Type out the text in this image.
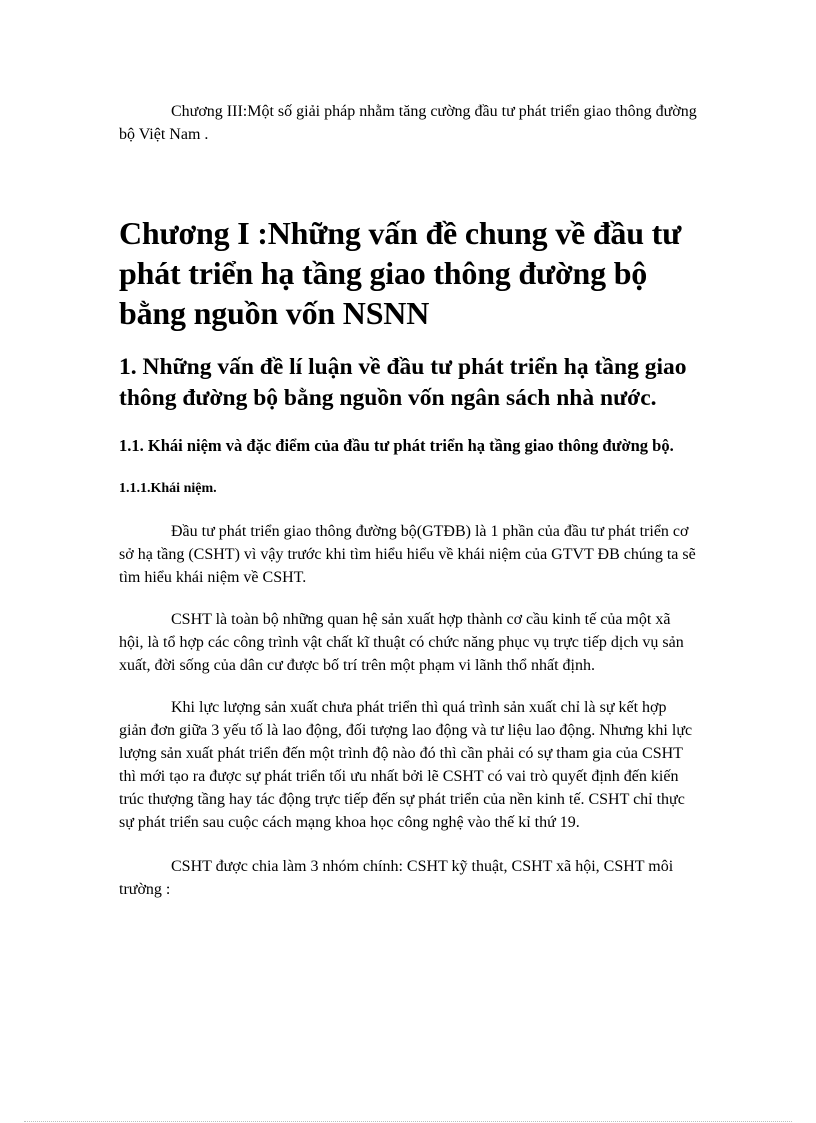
Chương III:Một số giải pháp nhằm tăng cường đầu tư phát triển giao thông đường bộ Việt Nam .

Chương I :Những vấn đề chung về đầu tư phát triển hạ tầng giao thông đường bộ bằng nguồn vốn NSNN
1. Những vấn đề lí luận về đầu tư phát triển hạ tầng giao thông đường bộ bằng nguồn vốn ngân sách nhà nước.
1.1. Khái niệm và đặc điểm của đầu tư phát triển hạ tầng giao thông đường bộ.
1.1.1.Khái niệm.

Đầu tư phát triển giao thông đường bộ(GTĐB) là 1 phần của đầu tư phát triển cơ sở hạ tầng (CSHT) vì vậy trước khi tìm hiểu hiểu về khái niệm của GTVT ĐB chúng ta sẽ tìm hiểu khái niệm về CSHT.

CSHT là toàn bộ những quan hệ sản xuất hợp thành cơ cầu kinh tế của một xã hội, là tổ hợp các công trình vật chất kĩ thuật có chức năng phục vụ trực tiếp dịch vụ sản xuất, đời sống của dân cư được bố trí trên một phạm vi lãnh thổ nhất định.

Khi lực lượng sản xuất chưa phát triển thì quá trình sản xuất chỉ là sự kết hợp giản đơn giữa 3 yếu tố là lao động, đối tượng lao động và tư liệu lao động. Nhưng khi lực lượng sản xuất phát triển đến một trình độ nào đó thì cần phải có sự tham gia của CSHT thì mới tạo ra được sự phát triển tối ưu nhất bởi lẽ CSHT có vai trò quyết định đến kiến trúc thượng tầng hay tác động trực tiếp đến sự phát triển của nền kinh tế. CSHT chỉ thực sự phát triển sau cuộc cách mạng khoa học công nghệ vào thế kỉ thứ 19.

CSHT được chia làm 3 nhóm chính: CSHT kỹ thuật, CSHT xã hội, CSHT môi trường :
